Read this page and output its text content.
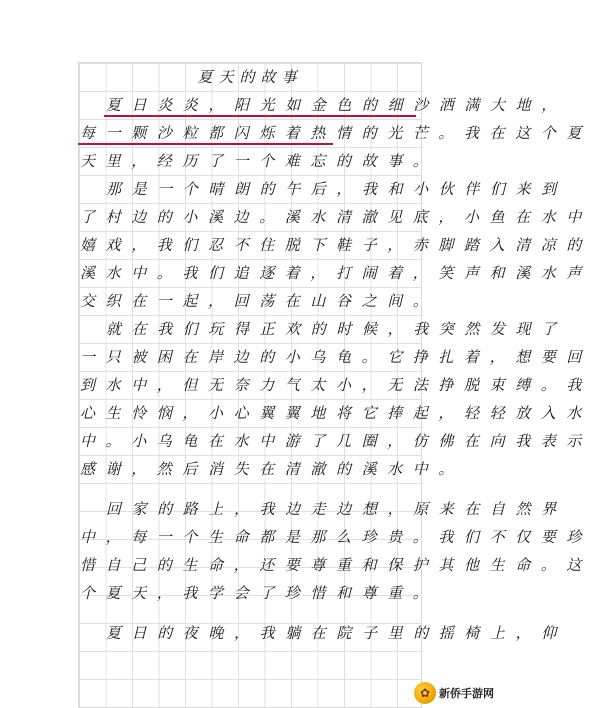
夏天的故事
夏日炎炎，阳光如金色的细沙洒满大地，
每一颗沙粒都闪烁着热情的光芒。我在这个夏
天里，经历了一个难忘的故事。
那是一个晴朗的午后，我和小伙伴们来到
了村边的小溪边。溪水清澈见底，小鱼在水中
嬉戏，我们忍不住脱下鞋子，赤脚踏入清凉的
溪水中。我们追逐着，打闹着，笑声和溪水声
交织在一起，回荡在山谷之间。
就在我们玩得正欢的时候，我突然发现了
一只被困在岸边的小乌龟。它挣扎着，想要回
到水中，但无奈力气太小，无法挣脱束缚。我
心生怜悯，小心翼翼地将它捧起，轻轻放入水
中。小乌龟在水中游了几圈，仿佛在向我表示
感谢，然后消失在清澈的溪水中。
回家的路上，我边走边想，原来在自然界
中，每一个生命都是那么珍贵。我们不仅要珍
惜自己的生命，还要尊重和保护其他生命。这
个夏天，我学会了珍惜和尊重。
夏日的夜晚，我躺在院子里的摇椅上，仰
✿ 新侨手游网
